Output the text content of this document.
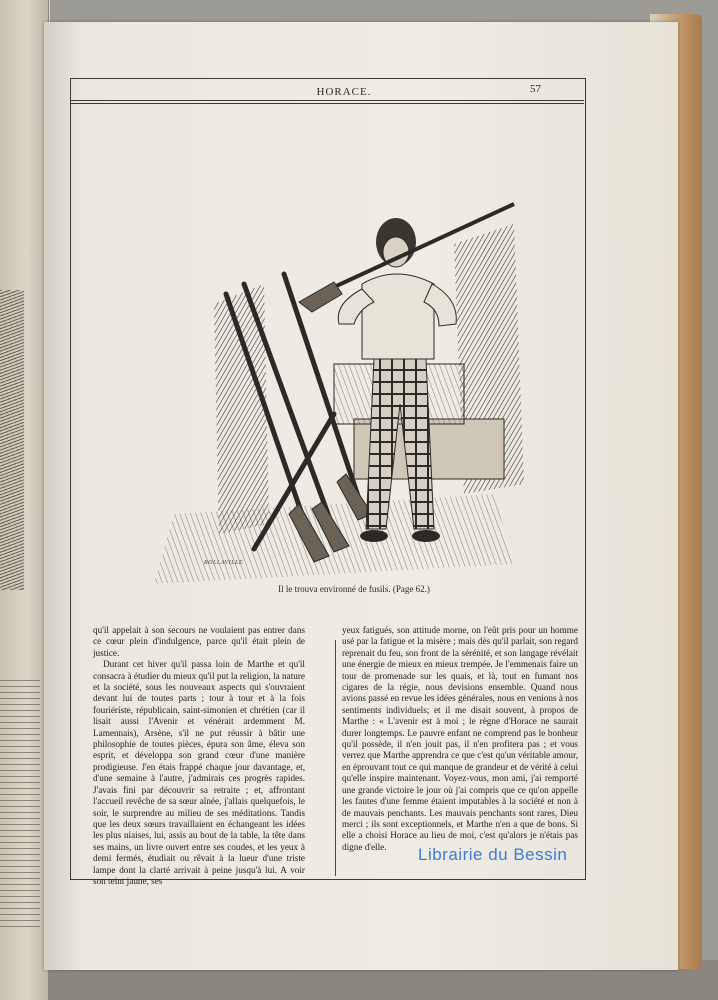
HORACE.	57
ROLLAVILLE
Il le trouva environné de fusils. (Page 62.)

qu'il appelait à son secours ne voulaient pas entrer dans ce cœur plein d'indulgence, parce qu'il était plein de justice.

Durant cet hiver qu'il passa loin de Marthe et qu'il consacra à étudier du mieux qu'il put la religion, la nature et la société, sous les nouveaux aspects qui s'ouvraient devant lui de toutes parts ; tour à tour et à la fois fouriériste, républicain, saint-simonien et chrétien (car il lisait aussi l'Avenir et vénérait ardemment M. Lamennais), Arsène, s'il ne put réussir à bâtir une philosophie de toutes pièces, épura son âme, éleva son esprit, et développa son grand cœur d'une manière prodigieuse. J'en étais frappé chaque jour davantage, et, d'une semaine à l'autre, j'admirais ces progrès rapides. J'avais fini par découvrir sa retraite ; et, affrontant l'accueil revêche de sa sœur aînée, j'allais quelquefois, le soir, le surprendre au milieu de ses méditations. Tandis que les deux sœurs travaillaient en échangeant les idées les plus niaises, lui, assis au bout de la table, la tête dans ses mains, un livre ouvert entre ses coudes, et les yeux à demi fermés, étudiait ou rêvait à la lueur d'une triste lampe dont la clarté arrivait à peine jusqu'à lui. A voir son teint jaune, ses

yeux fatigués, son attitude morne, on l'eût pris pour un homme usé par la fatigue et la misère ; mais dès qu'il parlait, son regard reprenait du feu, son front de la sérénité, et son langage révélait une énergie de mieux en mieux trempée. Je l'emmenais faire un tour de promenade sur les quais, et là, tout en fumant nos cigares de la régie, nous devisions ensemble. Quand nous avions passé en revue les idées générales, nous en venions à nos sentiments individuels; et il me disait souvent, à propos de Marthe : « L'avenir est à moi ; le règne d'Horace ne saurait durer longtemps. Le pauvre enfant ne comprend pas le bonheur qu'il possède, il n'en jouit pas, il n'en profitera pas ; et vous verrez que Marthe apprendra ce que c'est qu'un véritable amour, en éprouvant tout ce qui manque de grandeur et de vérité à celui qu'elle inspire maintenant. Voyez-vous, mon ami, j'ai remporté une grande victoire le jour où j'ai compris que ce qu'on appelle les fautes d'une femme étaient imputables à la société et non à de mauvais penchants. Les mauvais penchants sont rares, Dieu merci ; ils sont exceptionnels, et Marthe n'en a que de bons. Si elle a choisi Horace au lieu de moi, c'est qu'alors je n'étais pas digne d'elle.	Librairie du Bessin
